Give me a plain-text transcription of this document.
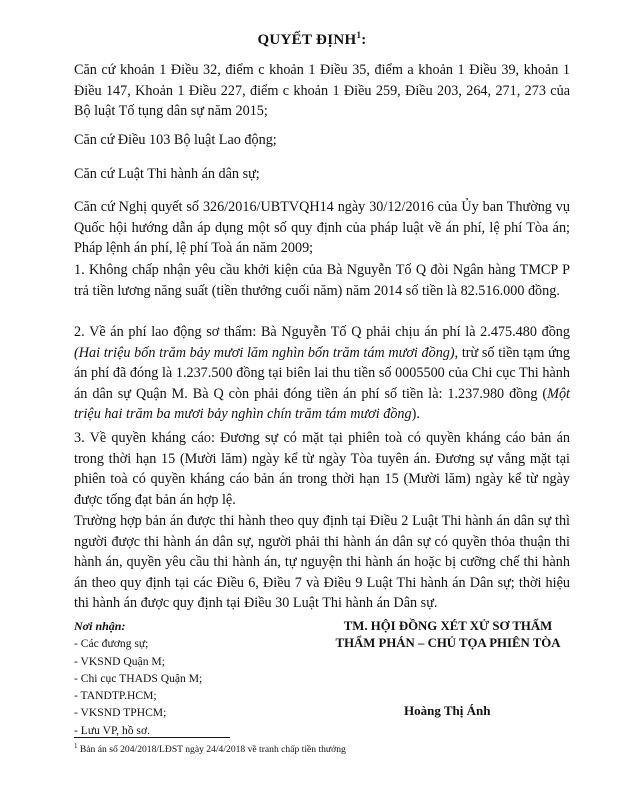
QUYẾT ĐỊNH$^1$:

Căn cứ khoản 1 Điều 32, điểm c khoản 1 Điều 35, điểm a khoản 1 Điều 39, khoản 1 Điều 147, Khoản 1 Điều 227, điểm c khoản 1 Điều 259, Điều 203, 264, 271, 273 của Bộ luật Tố tụng dân sự năm 2015;

Căn cứ Điều 103 Bộ luật Lao động;

Căn cứ Luật Thi hành án dân sự;

Căn cứ Nghị quyết số 326/2016/UBTVQH14 ngày 30/12/2016 của Ủy ban Thường vụ Quốc hội hướng dẫn áp dụng một số quy định của pháp luật về án phí, lệ phí Tòa án; Pháp lệnh án phí, lệ phí Toà án năm 2009;

1. Không chấp nhận yêu cầu khởi kiện của Bà Nguyễn Tố Q đòi Ngân hàng TMCP P trả tiền lương năng suất (tiền thưởng cuối năm) năm 2014 số tiền là 82.516.000 đồng.

2. Về án phí lao động sơ thẩm: Bà Nguyễn Tố Q phải chịu án phí là 2.475.480 đồng (Hai triệu bốn trăm bảy mươi lăm nghìn bốn trăm tám mươi đồng), trừ số tiền tạm ứng án phí đã đóng là 1.237.500 đồng tại biên lai thu tiền số 0005500 của Chi cục Thi hành án dân sự Quận M. Bà Q còn phải đóng tiền án phí số tiền là: 1.237.980 đồng (Một triệu hai trăm ba mươi bảy nghìn chín trăm tám mươi đồng).

3. Về quyền kháng cáo: Đương sự có mặt tại phiên toà có quyền kháng cáo bản án trong thời hạn 15 (Mười lăm) ngày kể từ ngày Tòa tuyên án. Đương sự vắng mặt tại phiên toà có quyền kháng cáo bản án trong thời hạn 15 (Mười lăm) ngày kể từ ngày được tống đạt bản án hợp lệ.

Trường hợp bản án được thi hành theo quy định tại Điều 2 Luật Thi hành án dân sự thì người được thi hành án dân sự, người phải thi hành án dân sự có quyền thỏa thuận thi hành án, quyền yêu cầu thi hành án, tự nguyện thi hành án hoặc bị cưỡng chế thi hành án theo quy định tại các Điều 6, Điều 7 và Điều 9 Luật Thi hành án Dân sự; thời hiệu thi hành án được quy định tại Điều 30 Luật Thi hành án Dân sự.

Nơi nhận:
- Các đương sự;
- VKSND Quận M;
- Chi cục THADS Quận M;
- TANDTP.HCM;
- VKSND TPHCM;
- Lưu VP, hồ sơ.
TM. HỘI ĐỒNG XÉT XỬ SƠ THẨM
THẨM PHÁN – CHỦ TỌA PHIÊN TÒA
Hoàng Thị Ánh
$^1$ Bản án số 204/2018/LĐST ngày 24/4/2018 về tranh chấp tiền thưởng
